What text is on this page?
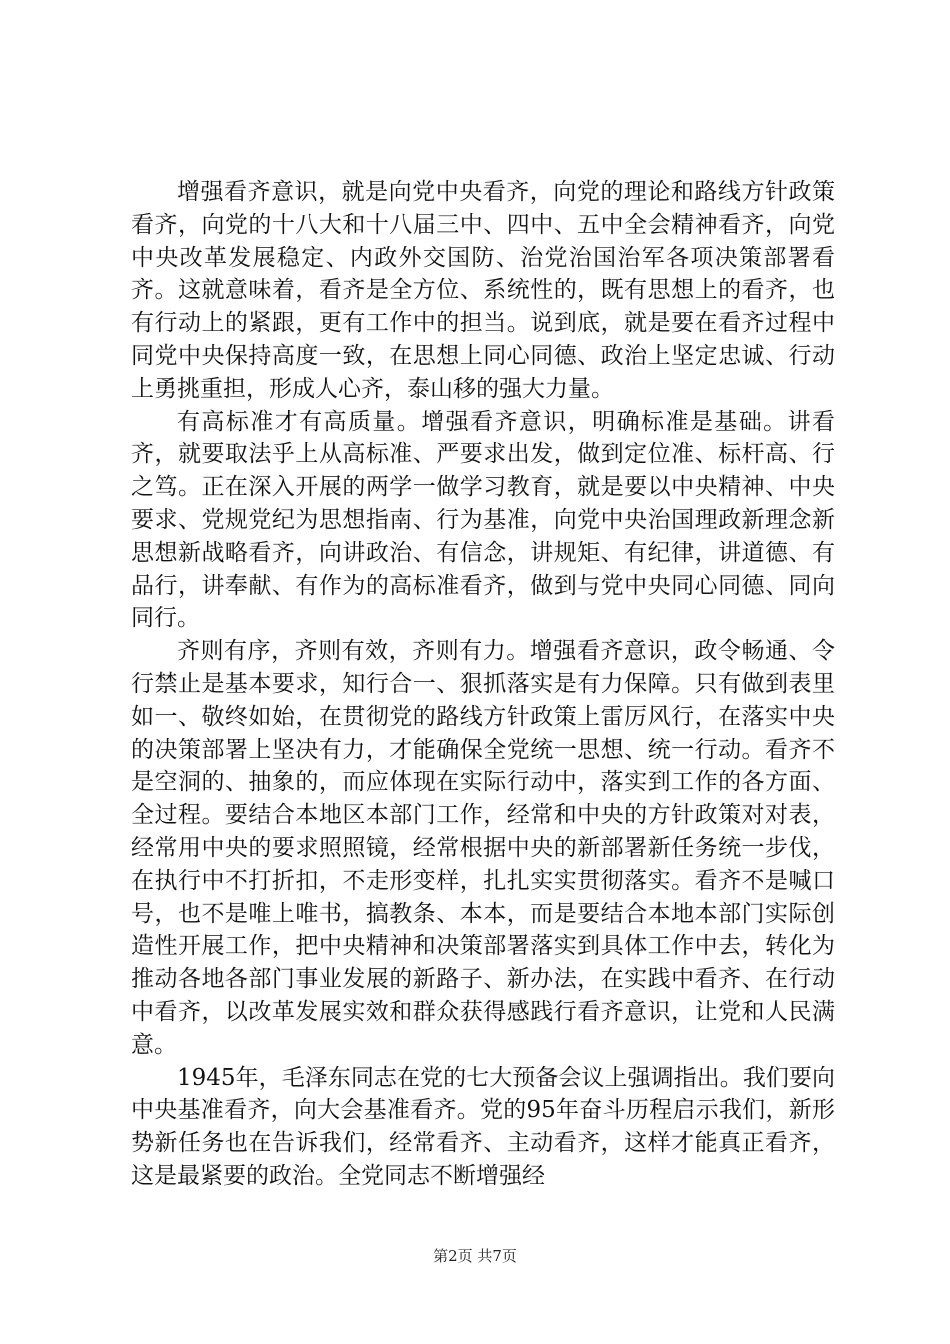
增强看齐意识，就是向党中央看齐，向党的理论和路线方针政策看齐，向党的十八大和十八届三中、四中、五中全会精神看齐，向党中央改革发展稳定、内政外交国防、治党治国治军各项决策部署看齐。这就意味着，看齐是全方位、系统性的，既有思想上的看齐，也有行动上的紧跟，更有工作中的担当。说到底，就是要在看齐过程中同党中央保持高度一致，在思想上同心同德、政治上坚定忠诚、行动上勇挑重担，形成人心齐，泰山移的强大力量。

有高标准才有高质量。增强看齐意识，明确标准是基础。讲看齐，就要取法乎上从高标准、严要求出发，做到定位准、标杆高、行之笃。正在深入开展的两学一做学习教育，就是要以中央精神、中央要求、党规党纪为思想指南、行为基准，向党中央治国理政新理念新思想新战略看齐，向讲政治、有信念，讲规矩、有纪律，讲道德、有品行，讲奉献、有作为的高标准看齐，做到与党中央同心同德、同向同行。

齐则有序，齐则有效，齐则有力。增强看齐意识，政令畅通、令行禁止是基本要求，知行合一、狠抓落实是有力保障。只有做到表里如一、敬终如始，在贯彻党的路线方针政策上雷厉风行，在落实中央的决策部署上坚决有力，才能确保全党统一思想、统一行动。看齐不是空洞的、抽象的，而应体现在实际行动中，落实到工作的各方面、全过程。要结合本地区本部门工作，经常和中央的方针政策对对表，经常用中央的要求照照镜，经常根据中央的新部署新任务统一步伐，在执行中不打折扣，不走形变样，扎扎实实贯彻落实。看齐不是喊口号，也不是唯上唯书，搞教条、本本，而是要结合本地本部门实际创造性开展工作，把中央精神和决策部署落实到具体工作中去，转化为推动各地各部门事业发展的新路子、新办法，在实践中看齐、在行动中看齐，以改革发展实效和群众获得感践行看齐意识，让党和人民满意。

1945年，毛泽东同志在党的七大预备会议上强调指出。我们要向中央基准看齐，向大会基准看齐。党的95年奋斗历程启示我们，新形势新任务也在告诉我们，经常看齐、主动看齐，这样才能真正看齐，这是最紧要的政治。全党同志不断增强经

第2页 共7页
